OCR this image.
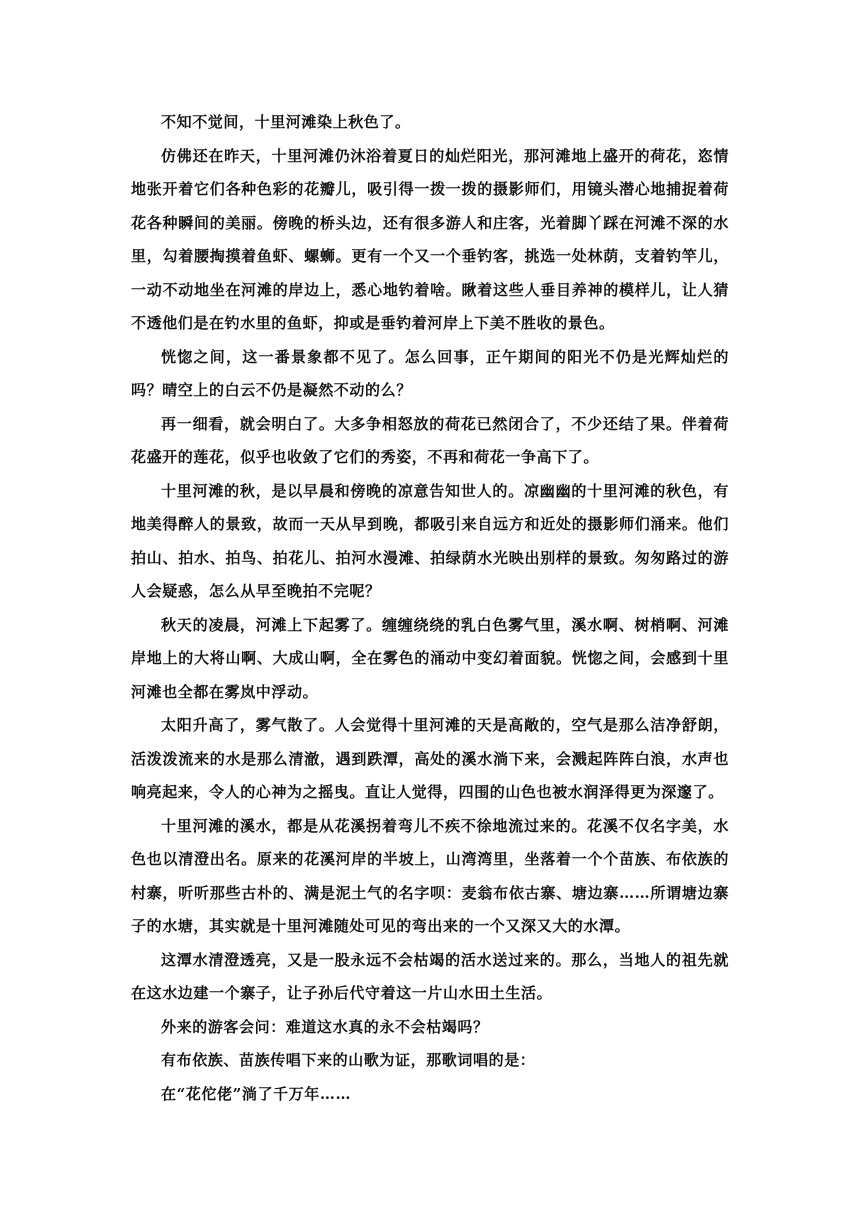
不知不觉间，十里河滩染上秋色了。

仿佛还在昨天，十里河滩仍沐浴着夏日的灿烂阳光，那河滩地上盛开的荷花，恣情地张开着它们各种色彩的花瓣儿，吸引得一拨一拨的摄影师们，用镜头潜心地捕捉着荷花各种瞬间的美丽。傍晚的桥头边，还有很多游人和庄客，光着脚丫踩在河滩不深的水里，勾着腰掏摸着鱼虾、螺蛳。更有一个又一个垂钓客，挑选一处林荫，支着钓竿儿，一动不动地坐在河滩的岸边上，悉心地钓着啥。瞅着这些人垂目养神的模样儿，让人猜不透他们是在钓水里的鱼虾，抑或是垂钓着河岸上下美不胜收的景色。

恍惚之间，这一番景象都不见了。怎么回事，正午期间的阳光不仍是光辉灿烂的吗？晴空上的白云不仍是凝然不动的么？

再一细看，就会明白了。大多争相怒放的荷花已然闭合了，不少还结了果。伴着荷花盛开的莲花，似乎也收敛了它们的秀姿，不再和荷花一争高下了。

十里河滩的秋，是以早晨和傍晚的凉意告知世人的。凉幽幽的十里河滩的秋色，有地美得醉人的景致，故而一天从早到晚，都吸引来自远方和近处的摄影师们涌来。他们拍山、拍水、拍鸟、拍花儿、拍河水漫滩、拍绿荫水光映出别样的景致。匆匆路过的游人会疑惑，怎么从早至晚拍不完呢？

秋天的凌晨，河滩上下起雾了。缠缠绕绕的乳白色雾气里，溪水啊、树梢啊、河滩岸地上的大将山啊、大成山啊，全在雾色的涌动中变幻着面貌。恍惚之间，会感到十里河滩也全都在雾岚中浮动。

太阳升高了，雾气散了。人会觉得十里河滩的天是高敞的，空气是那么洁净舒朗，活泼泼流来的水是那么清澈，遇到跌潭，高处的溪水淌下来，会溅起阵阵白浪，水声也响亮起来，令人的心神为之摇曳。直让人觉得，四围的山色也被水润泽得更为深邃了。

十里河滩的溪水，都是从花溪拐着弯儿不疾不徐地流过来的。花溪不仅名字美，水色也以清澄出名。原来的花溪河岸的半坡上，山湾湾里，坐落着一个个苗族、布依族的村寨，听听那些古朴的、满是泥土气的名字呗：麦翁布依古寨、塘边寨……所谓塘边寨子的水塘，其实就是十里河滩随处可见的弯出来的一个又深又大的水潭。

这潭水清澄透亮，又是一股永远不会枯竭的活水送过来的。那么，当地人的祖先就在这水边建一个寨子，让子孙后代守着这一片山水田土生活。

外来的游客会问：难道这水真的永不会枯竭吗？

有布依族、苗族传唱下来的山歌为证，那歌词唱的是：

在“花佗佬”淌了千万年……
